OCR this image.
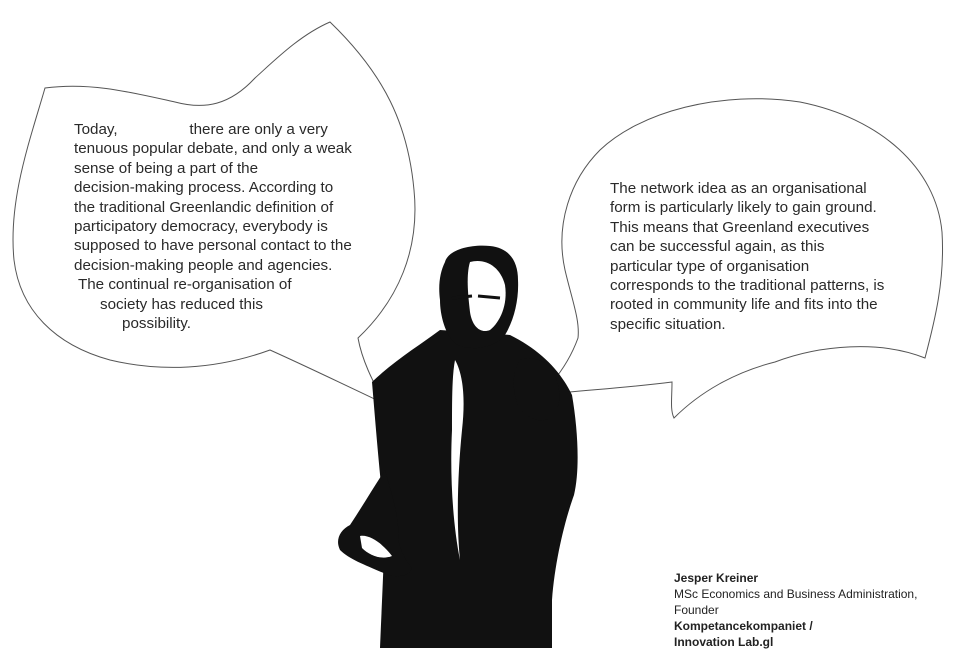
Today,                 there are only a very
tenuous popular debate, and only a weak
sense of being a part of the
decision-making process. According to
the traditional Greenlandic definition of
participatory democracy, everybody is
supposed to have personal contact to the
decision-making people and agencies.
The continual re-organisation of
society has reduced this
possibility.
The network idea as an organisational
form is particularly likely to gain ground.
This means that Greenland executives
can be successful again, as this
particular type of organisation
corresponds to the traditional patterns, is
rooted in community life and fits into the
specific situation.
Jesper Kreiner
MSc Economics and Business Administration,
Founder
Kompetancekompaniet /
Innovation Lab.gl
